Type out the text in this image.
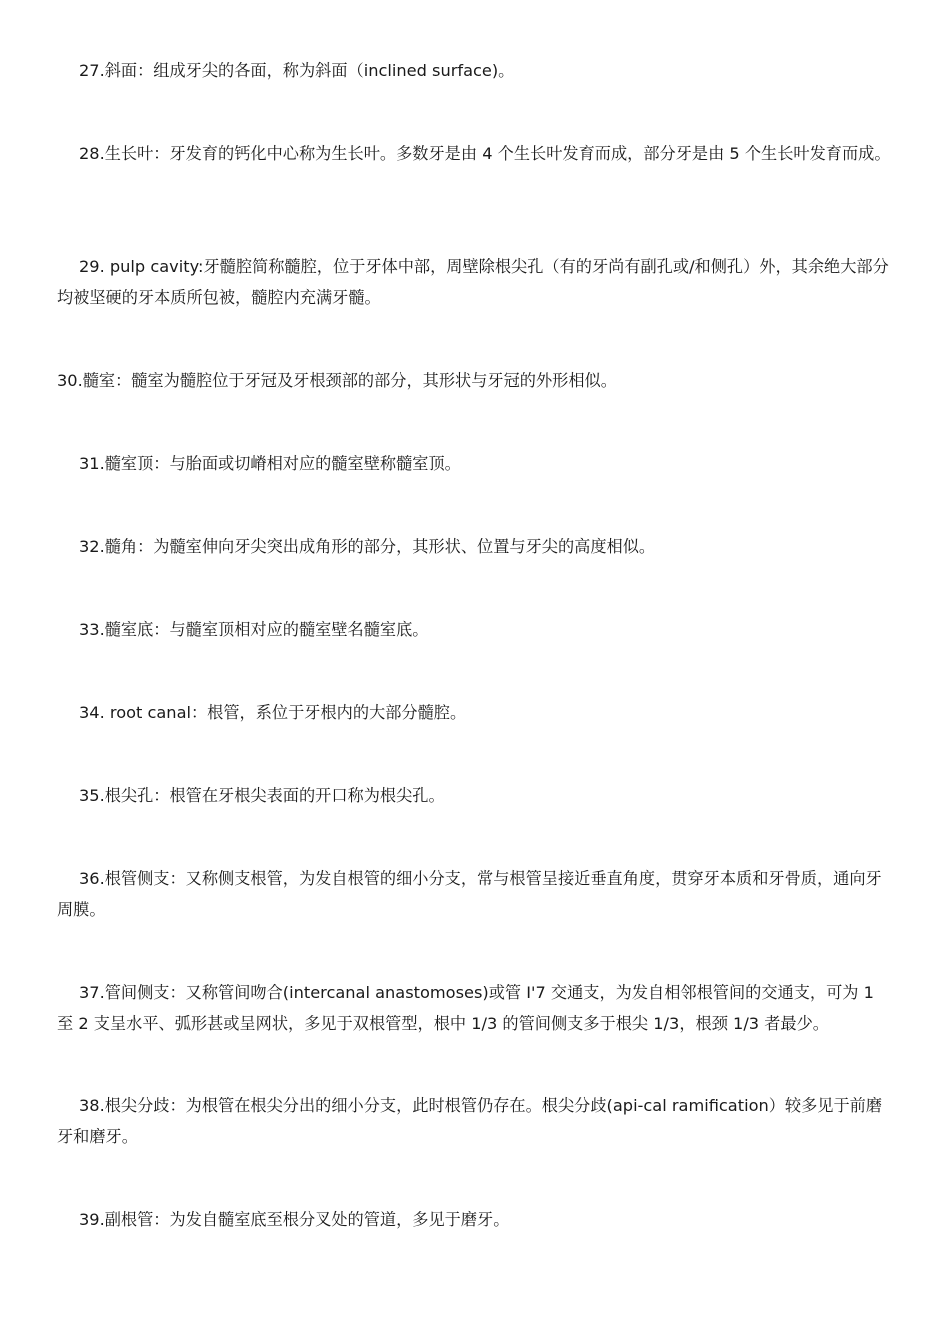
27.斜面：组成牙尖的各面，称为斜面（inclined surface)。

28.生长叶：牙发育的钙化中心称为生长叶。多数牙是由 4 个生长叶发育而成，部分牙是由 5 个生长叶发育而成。

29. pulp cavity:牙髓腔简称髓腔，位于牙体中部，周壁除根尖孔（有的牙尚有副孔或/和侧孔）外，其余绝大部分均被坚硬的牙本质所包被，髓腔内充满牙髓。

30.髓室：髓室为髓腔位于牙冠及牙根颈部的部分，其形状与牙冠的外形相似。

31.髓室顶：与胎面或切嵴相对应的髓室壁称髓室顶。

32.髓角：为髓室伸向牙尖突出成角形的部分，其形状、位置与牙尖的高度相似。

33.髓室底：与髓室顶相对应的髓室壁名髓室底。

34. root canal：根管，系位于牙根内的大部分髓腔。

35.根尖孔：根管在牙根尖表面的开口称为根尖孔。

36.根管侧支：又称侧支根管，为发自根管的细小分支，常与根管呈接近垂直角度，贯穿牙本质和牙骨质，通向牙周膜。

37.管间侧支：又称管间吻合(intercanal anastomoses)或管 I'7 交通支，为发自相邻根管间的交通支，可为 1 至 2 支呈水平、弧形甚或呈网状，多见于双根管型，根中 1/3 的管间侧支多于根尖 1/3，根颈 1/3 者最少。

38.根尖分歧：为根管在根尖分出的细小分支，此时根管仍存在。根尖分歧(api-cal ramification）较多见于前磨牙和磨牙。

39.副根管：为发自髓室底至根分叉处的管道，多见于磨牙。
